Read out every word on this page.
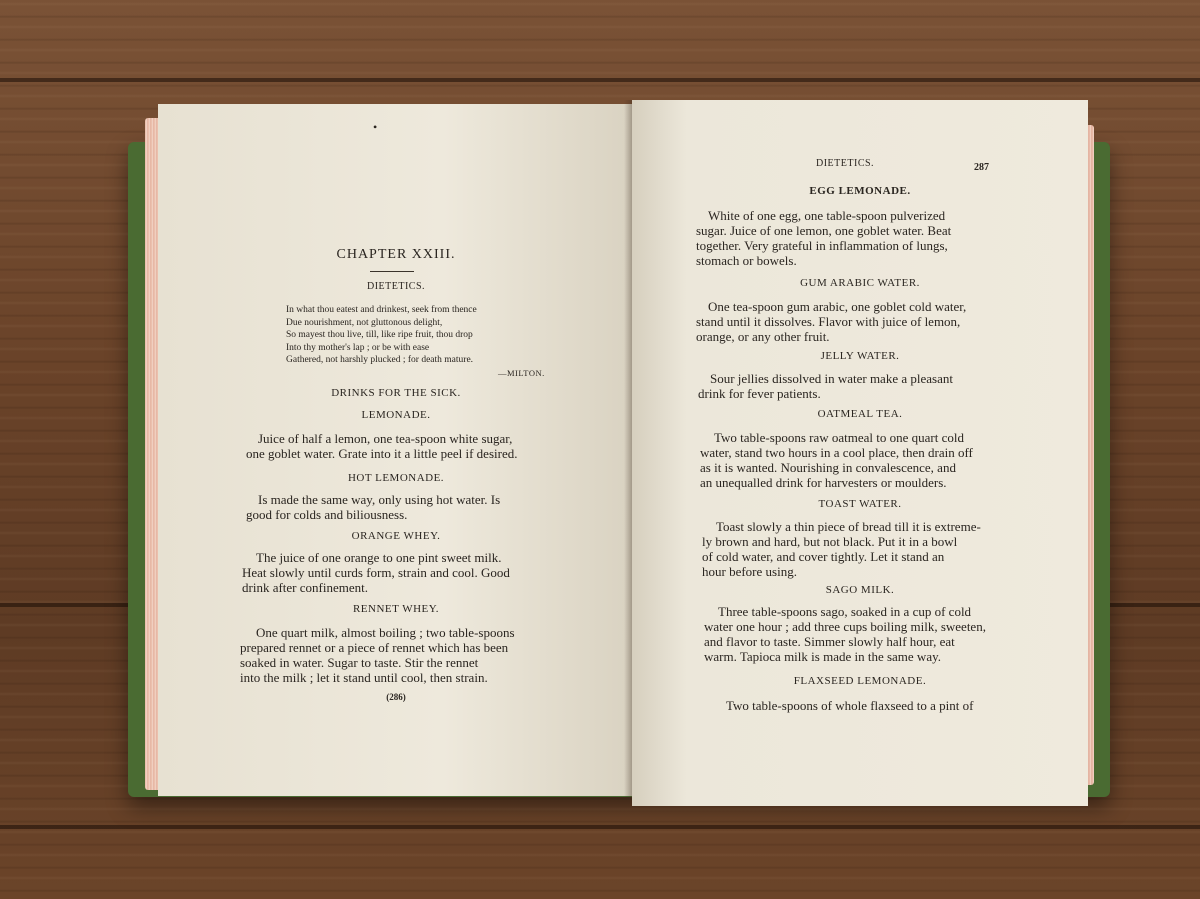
•
CHAPTER XXIII.
DIETETICS.
In what thou eatest and drinkest, seek from thence
Due nourishment, not gluttonous delight,
So mayest thou live, till, like ripe fruit, thou drop
Into thy mother's lap ; or be with ease
Gathered, not harshly plucked ; for death mature.
—MILTON.
DRINKS FOR THE SICK.
LEMONADE.
Juice of half a lemon, one tea-spoon white sugar,
one goblet water. Grate into it a little peel if desired.
HOT LEMONADE.
Is made the same way, only using hot water. Is
good for colds and biliousness.
ORANGE WHEY.
The juice of one orange to one pint sweet milk.
Heat slowly until curds form, strain and cool. Good
drink after confinement.
RENNET WHEY.
One quart milk, almost boiling ; two table-spoons
prepared rennet or a piece of rennet which has been
soaked in water. Sugar to taste. Stir the rennet
into the milk ; let it stand until cool, then strain.
(286)
DIETETICS.	287
EGG LEMONADE.
White of one egg, one table-spoon pulverized
sugar. Juice of one lemon, one goblet water. Beat
together. Very grateful in inflammation of lungs,
stomach or bowels.
GUM ARABIC WATER.
One tea-spoon gum arabic, one goblet cold water,
stand until it dissolves. Flavor with juice of lemon,
orange, or any other fruit.
JELLY WATER.
Sour jellies dissolved in water make a pleasant
drink for fever patients.
OATMEAL TEA.
Two table-spoons raw oatmeal to one quart cold
water, stand two hours in a cool place, then drain off
as it is wanted. Nourishing in convalescence, and
an unequalled drink for harvesters or moulders.
TOAST WATER.
Toast slowly a thin piece of bread till it is extreme-
ly brown and hard, but not black. Put it in a bowl
of cold water, and cover tightly. Let it stand an
hour before using.
SAGO MILK.
Three table-spoons sago, soaked in a cup of cold
water one hour ; add three cups boiling milk, sweeten,
and flavor to taste. Simmer slowly half hour, eat
warm. Tapioca milk is made in the same way.
FLAXSEED LEMONADE.
Two table-spoons of whole flaxseed to a pint of
